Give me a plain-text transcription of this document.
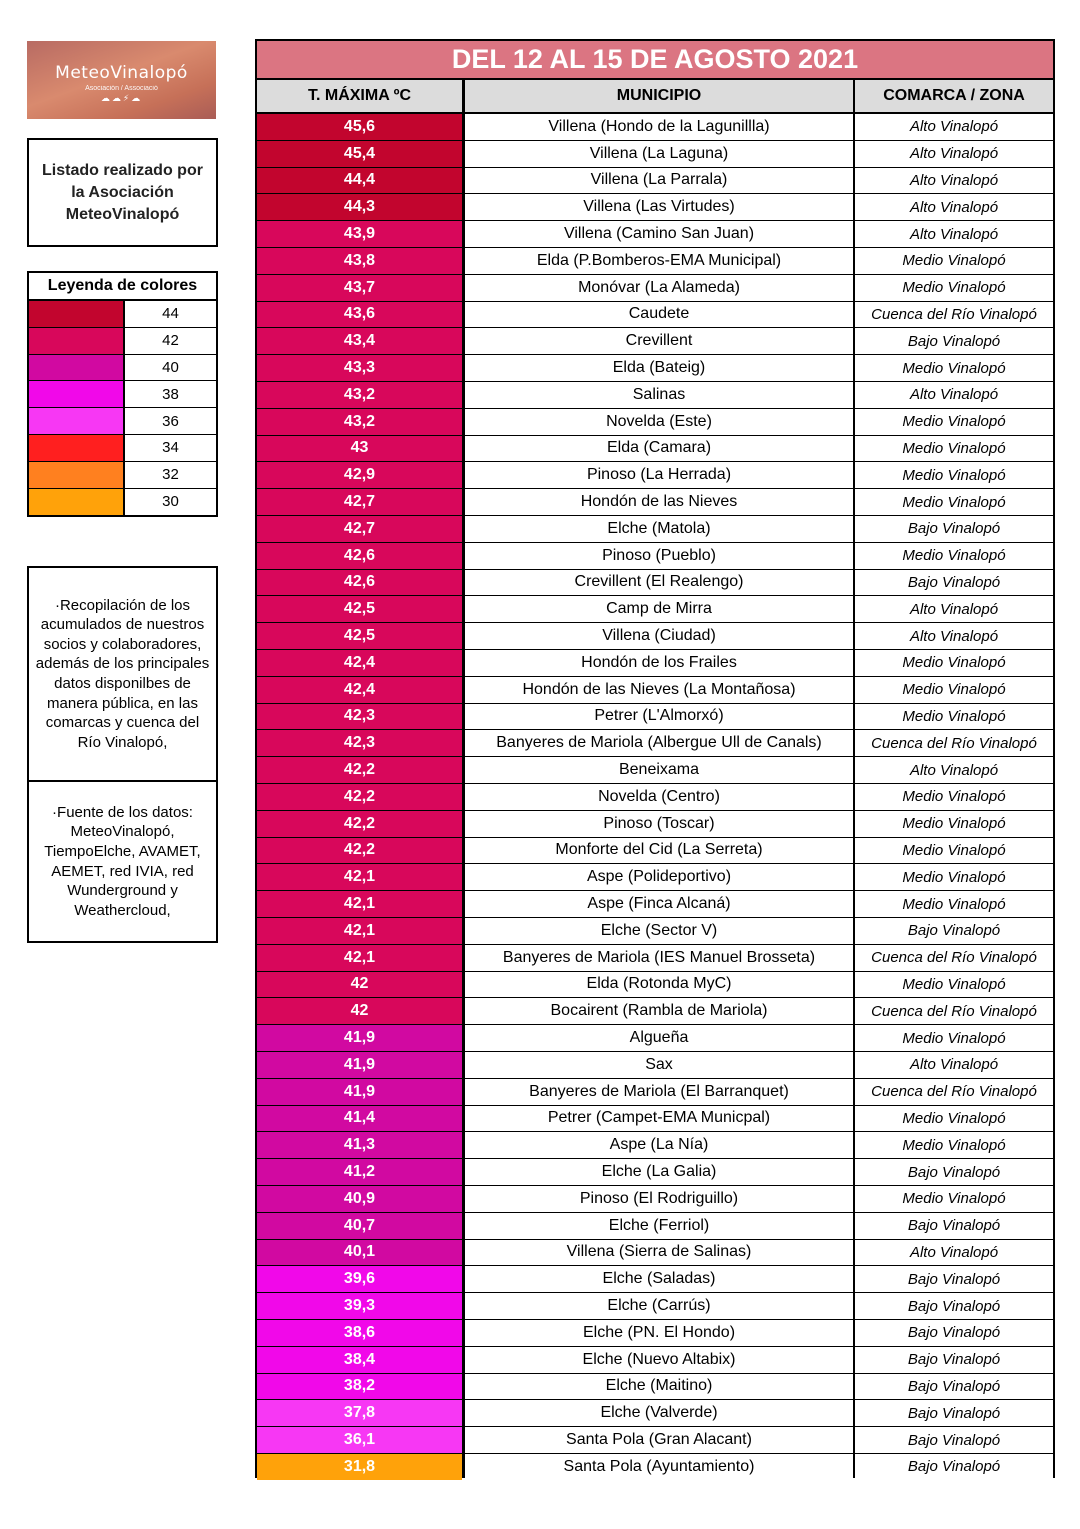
MeteoVinalopó
Asociación / Associació
☁☁⚡☁
Listado realizado por la Asociación MeteoVinalopó
Leyenda de colores
44
42
40
38
36
34
32
30
·Recopilación de los acumulados de nuestros socios y colaboradores, además de los principales datos disponilbes de manera pública, en las comarcas y cuenca del Río Vinalopó,
·Fuente de los datos: MeteoVinalopó, TiempoElche, AVAMET, AEMET, red IVIA, red Wunderground y Weathercloud,
DEL 12 AL 15 DE AGOSTO 2021
T. MÁXIMA ºC	MUNICIPIO	COMARCA / ZONA
45,6	Villena (Hondo de la Lagunillla)	Alto Vinalopó
45,4	Villena (La Laguna)	Alto Vinalopó
44,4	Villena (La Parrala)	Alto Vinalopó
44,3	Villena (Las Virtudes)	Alto Vinalopó
43,9	Villena (Camino San Juan)	Alto Vinalopó
43,8	Elda (P.Bomberos-EMA Municipal)	Medio Vinalopó
43,7	Monóvar (La Alameda)	Medio Vinalopó
43,6	Caudete	Cuenca del Río Vinalopó
43,4	Crevillent	Bajo Vinalopó
43,3	Elda (Bateig)	Medio Vinalopó
43,2	Salinas	Alto Vinalopó
43,2	Novelda (Este)	Medio Vinalopó
43	Elda (Camara)	Medio Vinalopó
42,9	Pinoso (La Herrada)	Medio Vinalopó
42,7	Hondón de las Nieves	Medio Vinalopó
42,7	Elche (Matola)	Bajo Vinalopó
42,6	Pinoso (Pueblo)	Medio Vinalopó
42,6	Crevillent (El Realengo)	Bajo Vinalopó
42,5	Camp de Mirra	Alto Vinalopó
42,5	Villena (Ciudad)	Alto Vinalopó
42,4	Hondón de los Frailes	Medio Vinalopó
42,4	Hondón de las Nieves (La Montañosa)	Medio Vinalopó
42,3	Petrer (L'Almorxó)	Medio Vinalopó
42,3	Banyeres de Mariola (Albergue Ull de Canals)	Cuenca del Río Vinalopó
42,2	Beneixama	Alto Vinalopó
42,2	Novelda (Centro)	Medio Vinalopó
42,2	Pinoso (Toscar)	Medio Vinalopó
42,2	Monforte del Cid (La Serreta)	Medio Vinalopó
42,1	Aspe (Polideportivo)	Medio Vinalopó
42,1	Aspe (Finca Alcaná)	Medio Vinalopó
42,1	Elche (Sector V)	Bajo Vinalopó
42,1	Banyeres de Mariola (IES Manuel Brosseta)	Cuenca del Río Vinalopó
42	Elda (Rotonda MyC)	Medio Vinalopó
42	Bocairent (Rambla de Mariola)	Cuenca del Río Vinalopó
41,9	Algueña	Medio Vinalopó
41,9	Sax	Alto Vinalopó
41,9	Banyeres de Mariola (El Barranquet)	Cuenca del Río Vinalopó
41,4	Petrer (Campet-EMA Municpal)	Medio Vinalopó
41,3	Aspe (La Nía)	Medio Vinalopó
41,2	Elche (La Galia)	Bajo Vinalopó
40,9	Pinoso (El Rodriguillo)	Medio Vinalopó
40,7	Elche (Ferriol)	Bajo Vinalopó
40,1	Villena (Sierra de Salinas)	Alto Vinalopó
39,6	Elche (Saladas)	Bajo Vinalopó
39,3	Elche (Carrús)	Bajo Vinalopó
38,6	Elche (PN. El Hondo)	Bajo Vinalopó
38,4	Elche (Nuevo Altabix)	Bajo Vinalopó
38,2	Elche (Maitino)	Bajo Vinalopó
37,8	Elche (Valverde)	Bajo Vinalopó
36,1	Santa Pola (Gran Alacant)	Bajo Vinalopó
31,8	Santa Pola (Ayuntamiento)	Bajo Vinalopó
